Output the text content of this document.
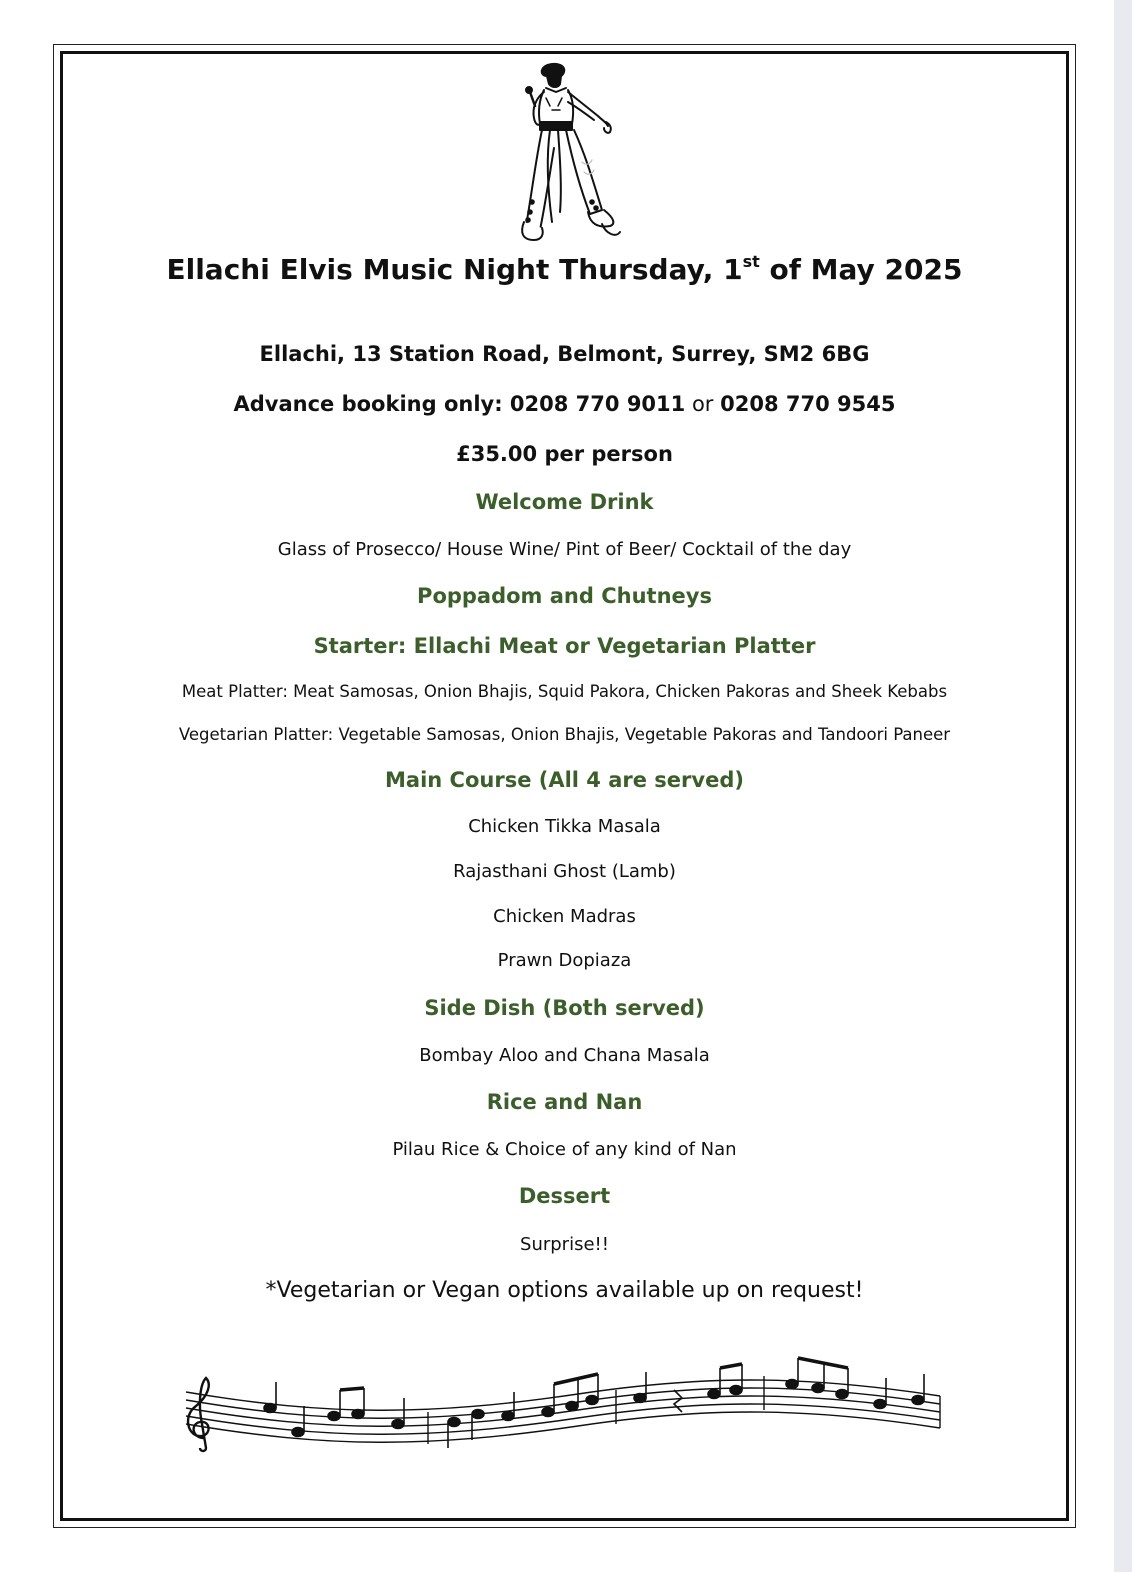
Ellachi Elvis Music Night Thursday, 1st of May 2025
Ellachi, 13 Station Road, Belmont, Surrey, SM2 6BG
Advance booking only: 0208 770 9011 or 0208 770 9545
£35.00 per person
Welcome Drink
Glass of Prosecco/ House Wine/ Pint of Beer/ Cocktail of the day
Poppadom and Chutneys
Starter: Ellachi Meat or Vegetarian Platter
Meat Platter: Meat Samosas, Onion Bhajis, Squid Pakora, Chicken Pakoras and Sheek Kebabs
Vegetarian Platter: Vegetable Samosas, Onion Bhajis, Vegetable Pakoras and Tandoori Paneer
Main Course (All 4 are served)
Chicken Tikka Masala
Rajasthani Ghost (Lamb)
Chicken Madras
Prawn Dopiaza
Side Dish (Both served)
Bombay Aloo and Chana Masala
Rice and Nan
Pilau Rice & Choice of any kind of Nan
Dessert
Surprise!!
*Vegetarian or Vegan options available up on request!
